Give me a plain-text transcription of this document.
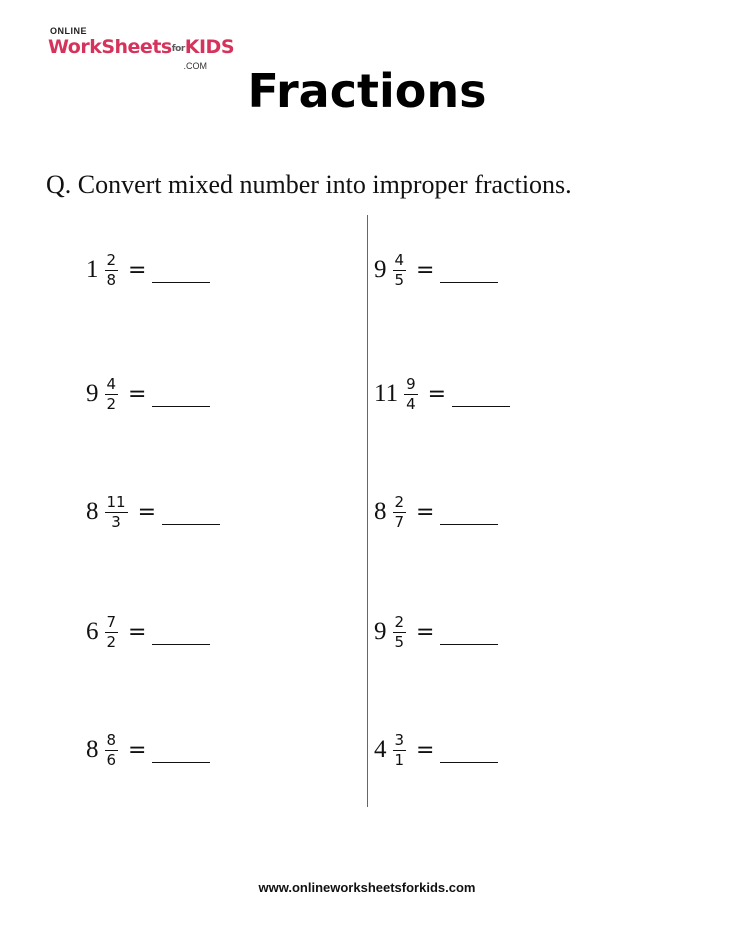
ONLINE
WorkSheetsforKIDS
.COM Fractions
Q. Convert mixed number into improper fractions.
$1 \frac{2}{8}$ =
$9 \frac{4}{2}$ =
$8 \frac{11}{3}$ =
$6 \frac{7}{2}$ =
$8 \frac{8}{6}$ =
$9 \frac{4}{5}$ =
$11 \frac{9}{4}$ =
$8 \frac{2}{7}$ =
$9 \frac{2}{5}$ =
$4 \frac{3}{1}$ =
www.onlineworksheetsforkids.com
